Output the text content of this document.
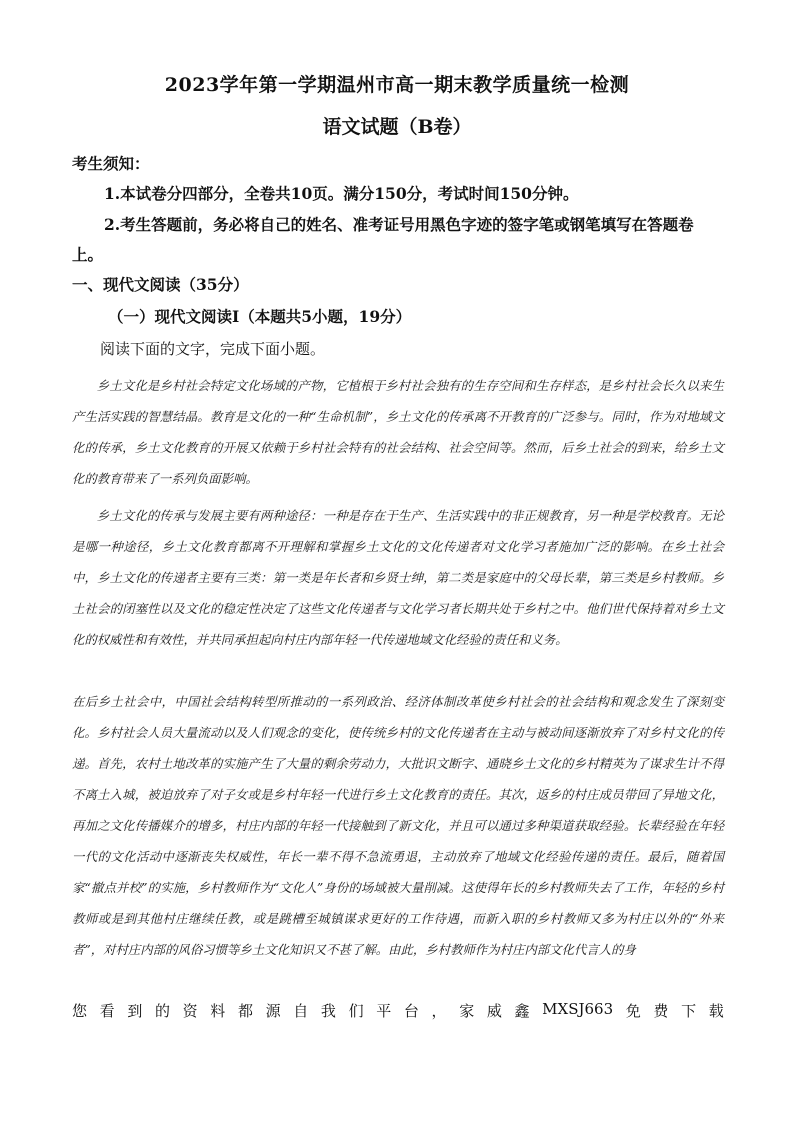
2023学年第一学期温州市高一期末教学质量统一检测
语文试题（B卷）
考生须知：
1.本试卷分四部分，全卷共10页。满分150分，考试时间150分钟。
2.考生答题前，务必将自己的姓名、准考证号用黑色字迹的签字笔或钢笔填写在答题卷
上。
一、现代文阅读（35分）
（一）现代文阅读Ⅰ（本题共5小题，19分）
阅读下面的文字，完成下面小题。
乡土文化是乡村社会特定文化场域的产物，它植根于乡村社会独有的生存空间和生存样态，是乡村社会长久以来生产生活实践的智慧结晶。教育是文化的一种“生命机制”，乡土文化的传承离不开教育的广泛参与。同时，作为对地域文化的传承，乡土文化教育的开展又依赖于乡村社会特有的社会结构、社会空间等。然而，后乡土社会的到来，给乡土文化的教育带来了一系列负面影响。
乡土文化的传承与发展主要有两种途径：一种是存在于生产、生活实践中的非正规教育，另一种是学校教育。无论是哪一种途径，乡土文化教育都离不开理解和掌握乡土文化的文化传递者对文化学习者施加广泛的影响。在乡土社会中，乡土文化的传递者主要有三类：第一类是年长者和乡贤士绅，第二类是家庭中的父母长辈，第三类是乡村教师。乡土社会的闭塞性以及文化的稳定性决定了这些文化传递者与文化学习者长期共处于乡村之中。他们世代保持着对乡土文化的权威性和有效性，并共同承担起向村庄内部年轻一代传递地域文化经验的责任和义务。
在后乡土社会中，中国社会结构转型所推动的一系列政治、经济体制改革使乡村社会的社会结构和观念发生了深刻变化。乡村社会人员大量流动以及人们观念的变化，使传统乡村的文化传递者在主动与被动间逐渐放弃了对乡村文化的传递。首先，农村土地改革的实施产生了大量的剩余劳动力，大批识文断字、通晓乡土文化的乡村精英为了谋求生计不得不离土入城，被迫放弃了对子女或是乡村年轻一代进行乡土文化教育的责任。其次，返乡的村庄成员带回了异地文化，再加之文化传播媒介的增多，村庄内部的年轻一代接触到了新文化，并且可以通过多种渠道获取经验。长辈经验在年轻一代的文化活动中逐渐丧失权威性，年长一辈不得不急流勇退，主动放弃了地域文化经验传递的责任。最后，随着国家“撤点并校”的实施，乡村教师作为“文化人”身份的场域被大量削减。这使得年长的乡村教师失去了工作，年轻的乡村教师或是到其他村庄继续任教，或是跳槽至城镇谋求更好的工作待遇，而新入职的乡村教师又多为村庄以外的“外来者”，对村庄内部的风俗习惯等乡土文化知识又不甚了解。由此，乡村教师作为村庄内部文化代言人的身
您 看 到 的 资 料 都 源 自 我 们 平 台 ， 家 威 鑫 MXSJ663 免 费 下 载
